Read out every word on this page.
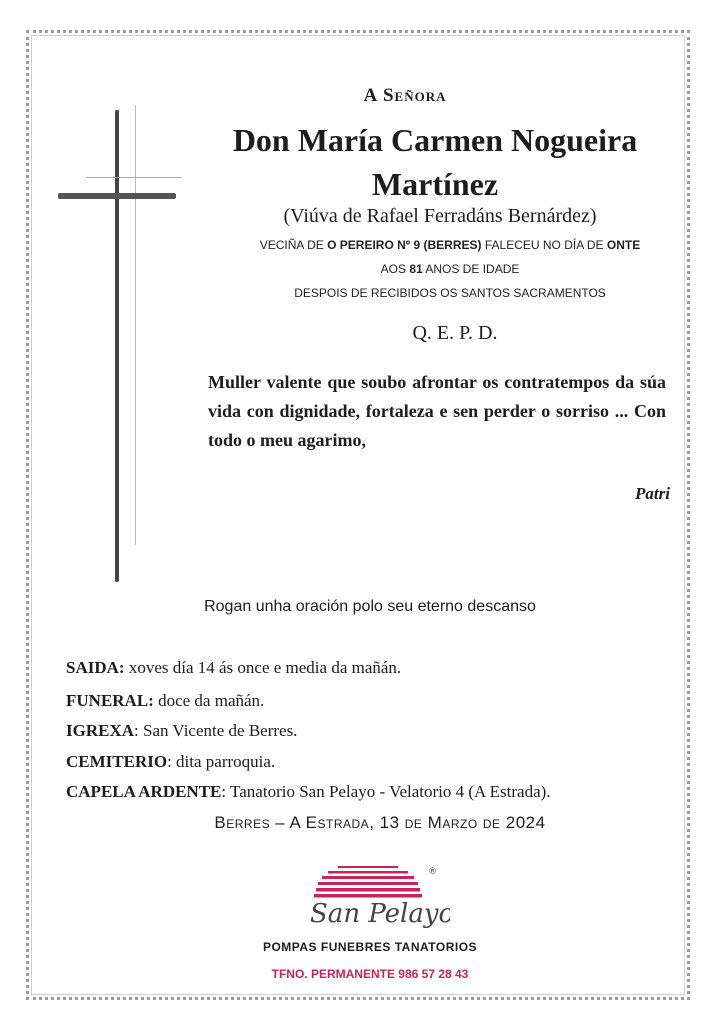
A Señora
Don María Carmen Nogueira
Martínez
(Viúva de Rafael Ferradáns Bernárdez)
VECIÑA DE O PEREIRO Nº 9 (BERRES) FALECEU NO DÍA DE ONTE
AOS 81 ANOS DE IDADE
DESPOIS DE RECIBIDOS OS SANTOS SACRAMENTOS
Q. E. P. D.
Muller valente que soubo afrontar os contratempos da súa vida con dignidade, fortaleza e sen perder o sorriso ... Con todo o meu agarimo,
Patri
Rogan unha oración polo seu eterno descanso
SAIDA: xoves día 14 ás once e media da mañán.
FUNERAL: doce da mañán.
IGREXA: San Vicente de Berres.
CEMITERIO: dita parroquia.
CAPELA ARDENTE: Tanatorio San Pelayo - Velatorio 4 (A Estrada).
Berres – A Estrada, 13 de Marzo de 2024
San Pelayo
®
POMPAS FUNEBRES TANATORIOS
TFNO. PERMANENTE 986 57 28 43
